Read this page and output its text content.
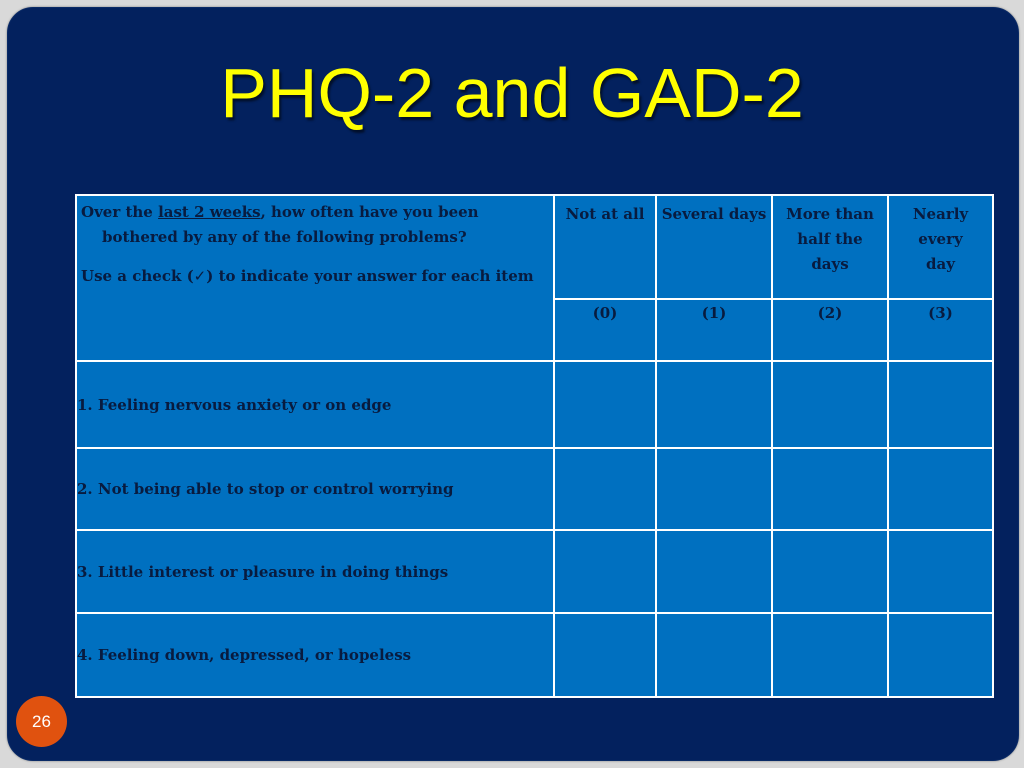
PHQ-2 and GAD-2
Over the last 2 weeks, how often have you been
bothered by any of the following problems?
Use a check (✓) to indicate your answer for each item	Not at all	Several days	More than half the days	Nearly every day
	(0)	(1)	(2)	(3)
1. Feeling nervous anxiety or on edge				
2. Not being able to stop or control worrying				
3. Little interest or pleasure in doing things				
4. Feeling down, depressed, or hopeless				
26
